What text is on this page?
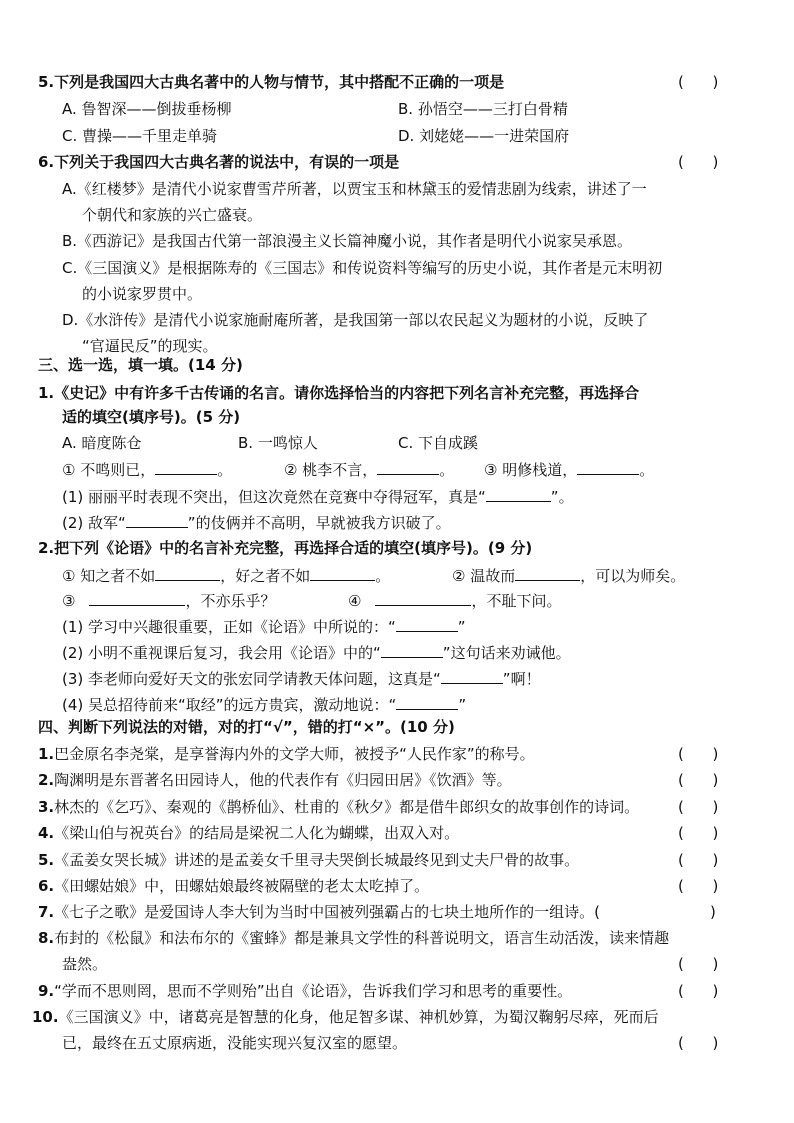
5.下列是我国四大古典名著中的人物与情节，其中搭配不正确的一项是	(      )
A. 鲁智深——倒拔垂杨柳	B. 孙悟空——三打白骨精
C. 曹操——千里走单骑	D. 刘姥姥——一进荣国府
6.下列关于我国四大古典名著的说法中，有误的一项是	(      )
A.《红楼梦》是清代小说家曹雪芹所著，以贾宝玉和林黛玉的爱情悲剧为线索，讲述了一
个朝代和家族的兴亡盛衰。
B.《西游记》是我国古代第一部浪漫主义长篇神魔小说，其作者是明代小说家吴承恩。
C.《三国演义》是根据陈寿的《三国志》和传说资料等编写的历史小说，其作者是元末明初
的小说家罗贯中。
D.《水浒传》是清代小说家施耐庵所著，是我国第一部以农民起义为题材的小说，反映了
“官逼民反”的现实。
三、选一选，填一填。(14 分)
1.《史记》中有许多千古传诵的名言。请你选择恰当的内容把下列名言补充完整，再选择合
适的填空(填序号)。(5 分)
A. 暗度陈仓	B. 一鸣惊人	C. 下自成蹊
① 不鸣则已，	。	② 桃李不言，	。 ③ 明修栈道，	。
(1) 丽丽平时表现不突出，但这次竟然在竞赛中夺得冠军，真是“	”。
(2) 敌军“	”的伎俩并不高明，早就被我方识破了。
2.把下列《论语》中的名言补充完整，再选择合适的填空(填序号)。(9 分)
① 知之者不如	，好之者不如	。	② 温故而	，可以为师矣。
③	，不亦乐乎？	④	，不耻下问。
(1) 学习中兴趣很重要，正如《论语》中所说的：“	”
(2) 小明不重视课后复习，我会用《论语》中的“	”这句话来劝诫他。
(3) 李老师向爱好天文的张宏同学请教天体问题，这真是“	”啊！
(4) 吴总招待前来“取经”的远方贵宾，激动地说：“	”
四、判断下列说法的对错，对的打“√”，错的打“×”。(10 分)
1.巴金原名李尧棠，是享誉海内外的文学大师，被授予“人民作家”的称号。	(      )
2.陶渊明是东晋著名田园诗人，他的代表作有《归园田居》《饮酒》等。	(      )
3.林杰的《乞巧》、秦观的《鹊桥仙》、杜甫的《秋夕》都是借牛郎织女的故事创作的诗词。	(      )
4.《梁山伯与祝英台》的结局是梁祝二人化为蝴蝶，出双入对。	(      )
5.《孟姜女哭长城》讲述的是孟姜女千里寻夫哭倒长城最终见到丈夫尸骨的故事。	(      )
6.《田螺姑娘》中，田螺姑娘最终被隔壁的老太太吃掉了。	(      )
7.《七子之歌》是爱国诗人李大钊为当时中国被列强霸占的七块土地所作的一组诗。(	)
8.布封的《松鼠》和法布尔的《蜜蜂》都是兼具文学性的科普说明文，语言生动活泼，读来情趣
盎然。	(      )
9.“学而不思则罔，思而不学则殆”出自《论语》，告诉我们学习和思考的重要性。	(      )
10.《三国演义》中，诸葛亮是智慧的化身，他足智多谋、神机妙算，为蜀汉鞠躬尽瘁，死而后
已，最终在五丈原病逝，没能实现兴复汉室的愿望。	(      )
